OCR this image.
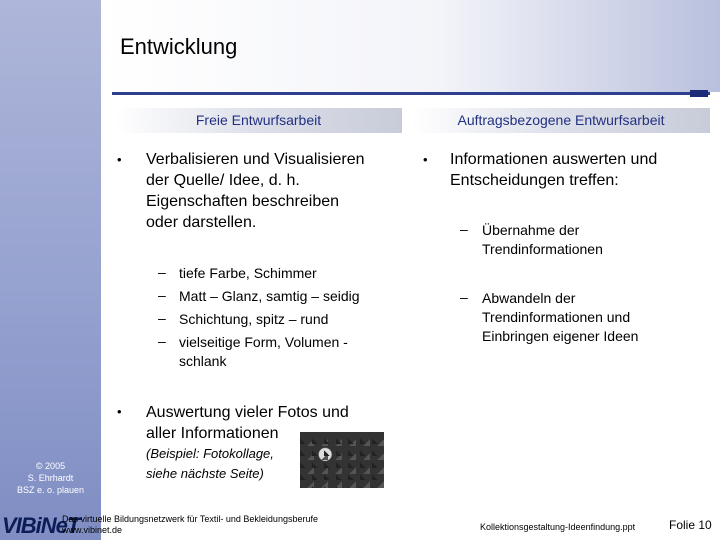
Entwicklung
Freie Entwurfsarbeit	Auftragsbezogene Entwurfsarbeit
• Verbalisieren und Visualisieren
der Quelle/ Idee, d. h.
Eigenschaften beschreiben
oder darstellen.
– tiefe Farbe, Schimmer
– Matt – Glanz, samtig – seidig
– Schichtung, spitz – rund
– vielseitige Form, Volumen -
schlank
• Auswertung vieler Fotos und
aller Informationen
(Beispiel: Fotokollage,
siehe nächste Seite)
• Informationen auswerten und
Entscheidungen treffen:
– Übernahme der
Trendinformationen
– Abwandeln der
Trendinformationen und
Einbringen eigener Ideen
© 2005
S. Ehrhardt
BSZ e. o. plauen
VIBiNeT
Das virtuelle Bildungsnetzwerk für Textil- und Bekleidungsberufe
www.vibinet.de	Kollektionsgestaltung-Ideenfindung.ppt	Folie 10
